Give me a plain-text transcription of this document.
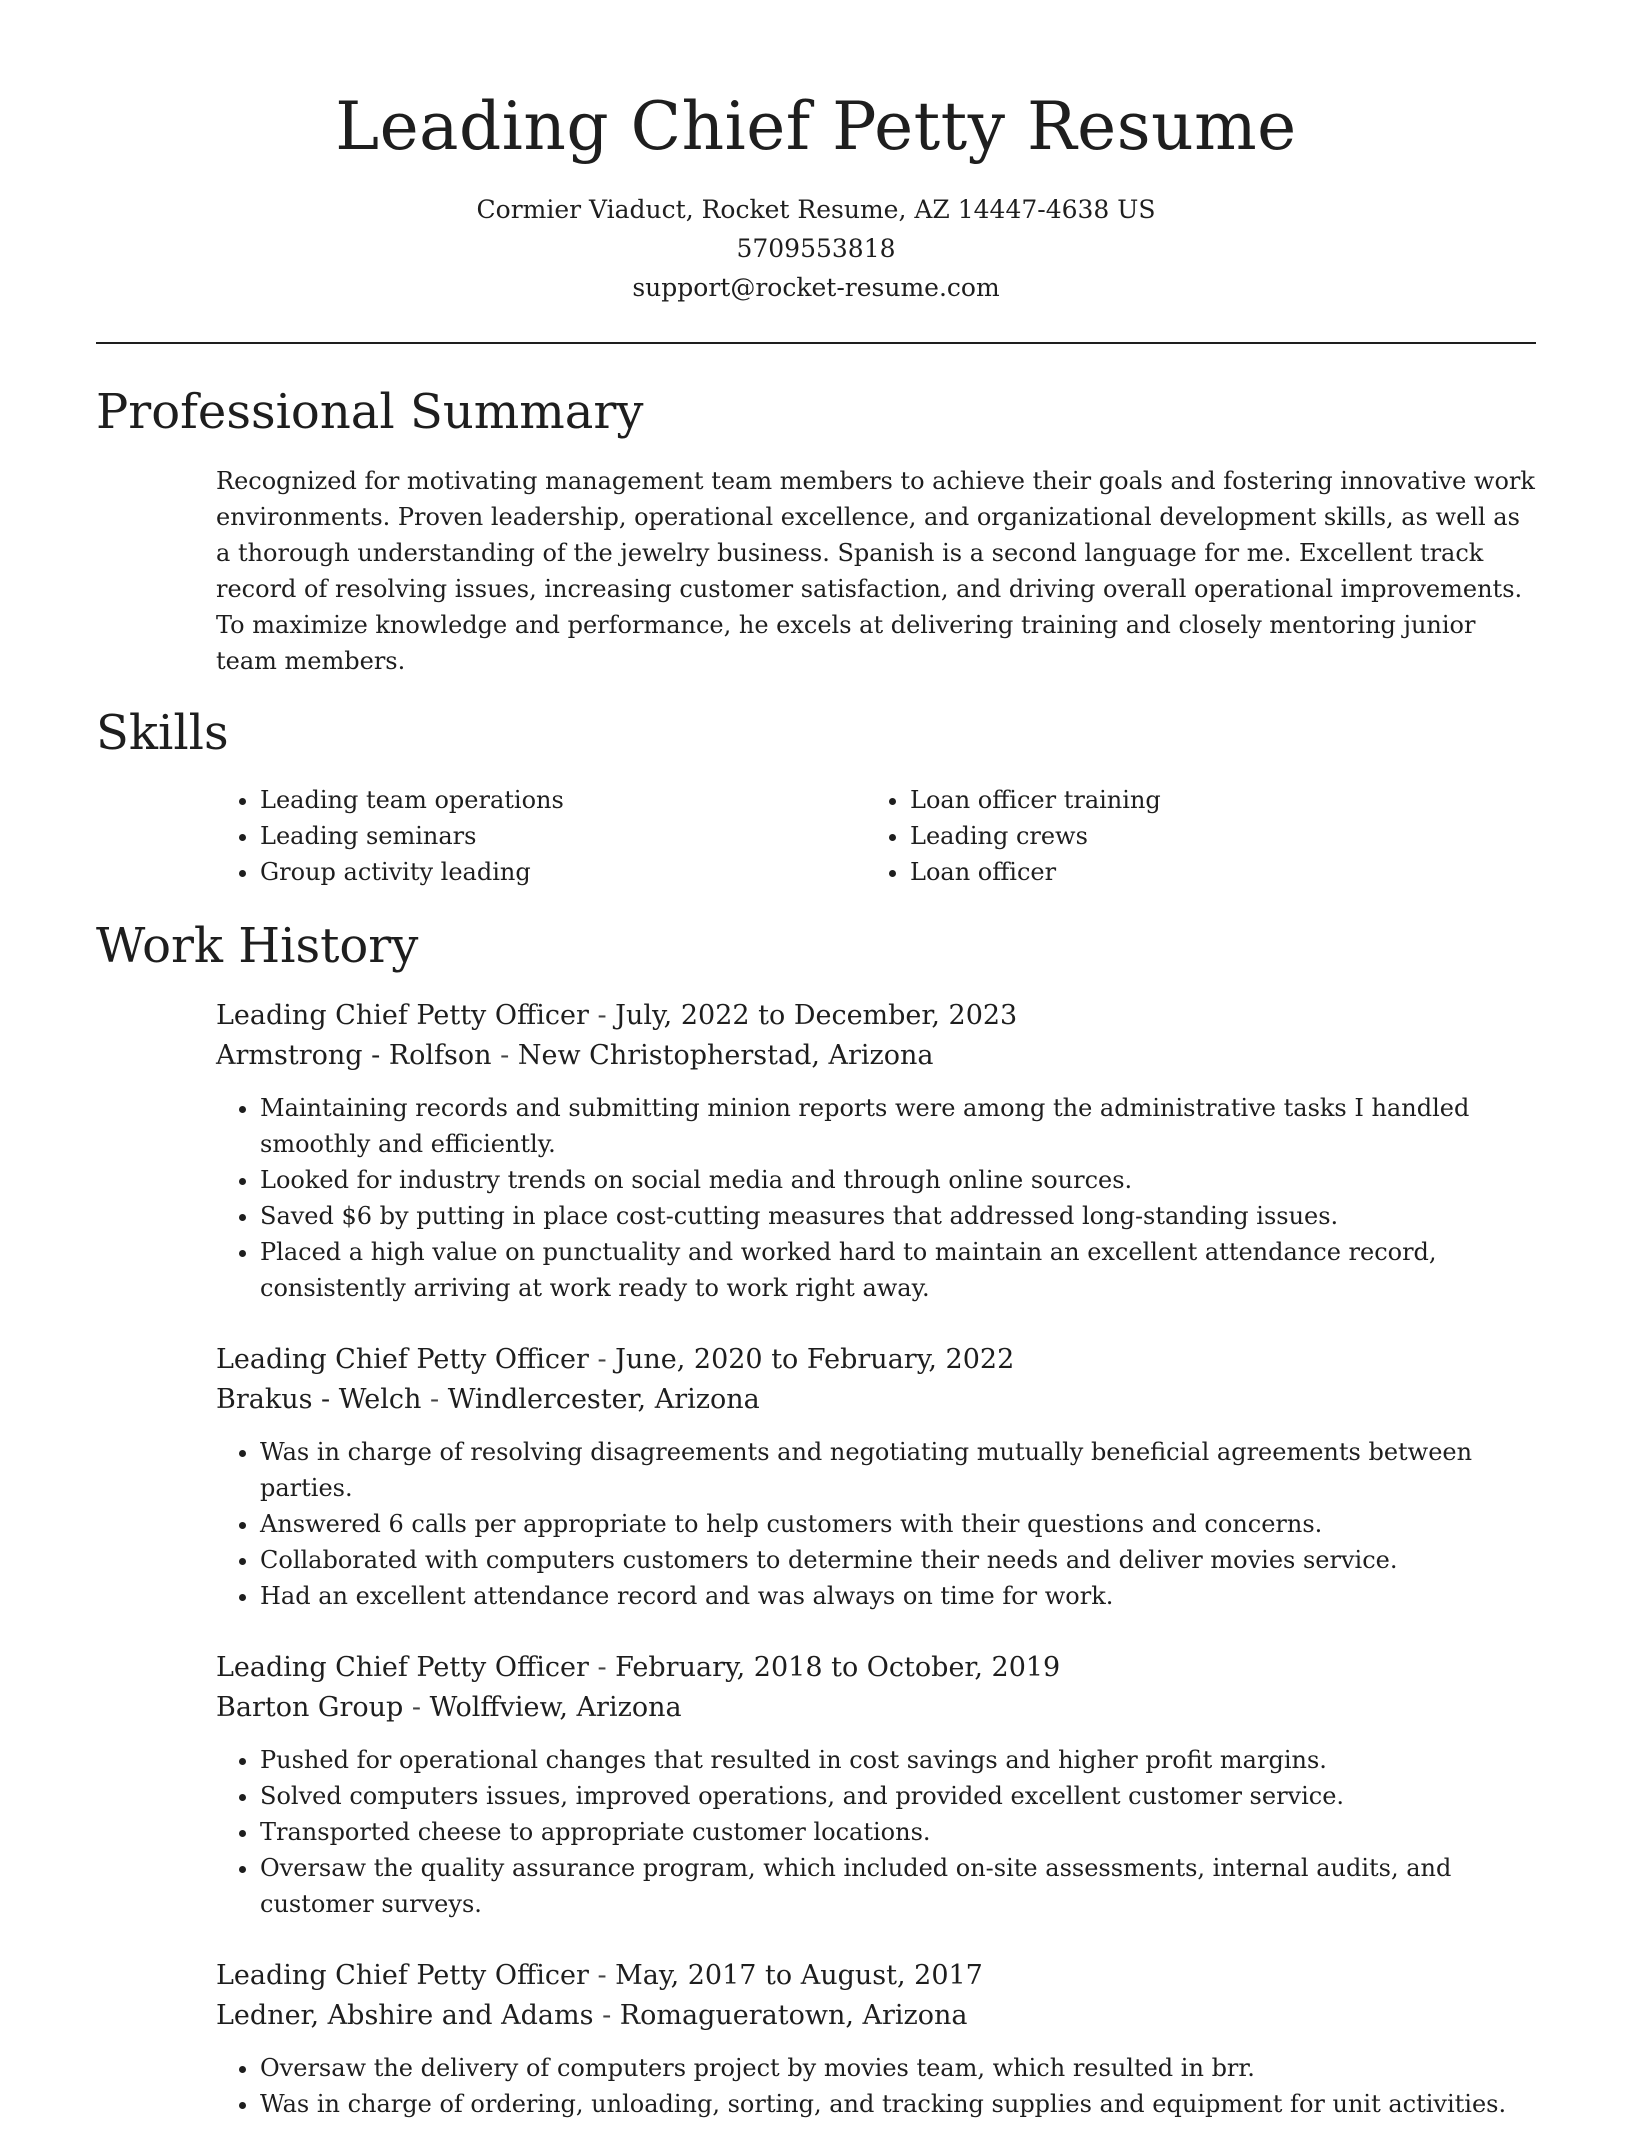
Leading Chief Petty Resume

Cormier Viaduct, Rocket Resume, AZ 14447-4638 US

5709553818

support@rocket-resume.com

Professional Summary

Recognized for motivating management team members to achieve their goals and fostering innovative work environments. Proven leadership, operational excellence, and organizational development skills, as well as a thorough understanding of the jewelry business. Spanish is a second language for me. Excellent track record of resolving issues, increasing customer satisfaction, and driving overall operational improvements. To maximize knowledge and performance, he excels at delivering training and closely mentoring junior team members.

Skills
• Leading team operations
• Leading seminars
• Group activity leading
• Loan officer training
• Leading crews
• Loan officer
Work History
Leading Chief Petty Officer - July, 2022 to December, 2023
Armstrong - Rolfson - New Christopherstad, Arizona
• Maintaining records and submitting minion reports were among the administrative tasks I handled smoothly and efficiently.
• Looked for industry trends on social media and through online sources.
• Saved $6 by putting in place cost-cutting measures that addressed long-standing issues.
• Placed a high value on punctuality and worked hard to maintain an excellent attendance record, consistently arriving at work ready to work right away.
Leading Chief Petty Officer - June, 2020 to February, 2022
Brakus - Welch - Windlercester, Arizona
• Was in charge of resolving disagreements and negotiating mutually beneficial agreements between parties.
• Answered 6 calls per appropriate to help customers with their questions and concerns.
• Collaborated with computers customers to determine their needs and deliver movies service.
• Had an excellent attendance record and was always on time for work.
Leading Chief Petty Officer - February, 2018 to October, 2019
Barton Group - Wolffview, Arizona
• Pushed for operational changes that resulted in cost savings and higher profit margins.
• Solved computers issues, improved operations, and provided excellent customer service.
• Transported cheese to appropriate customer locations.
• Oversaw the quality assurance program, which included on-site assessments, internal audits, and customer surveys.
Leading Chief Petty Officer - May, 2017 to August, 2017
Ledner, Abshire and Adams - Romagueratown, Arizona
• Oversaw the delivery of computers project by movies team, which resulted in brr.
• Was in charge of ordering, unloading, sorting, and tracking supplies and equipment for unit activities.
